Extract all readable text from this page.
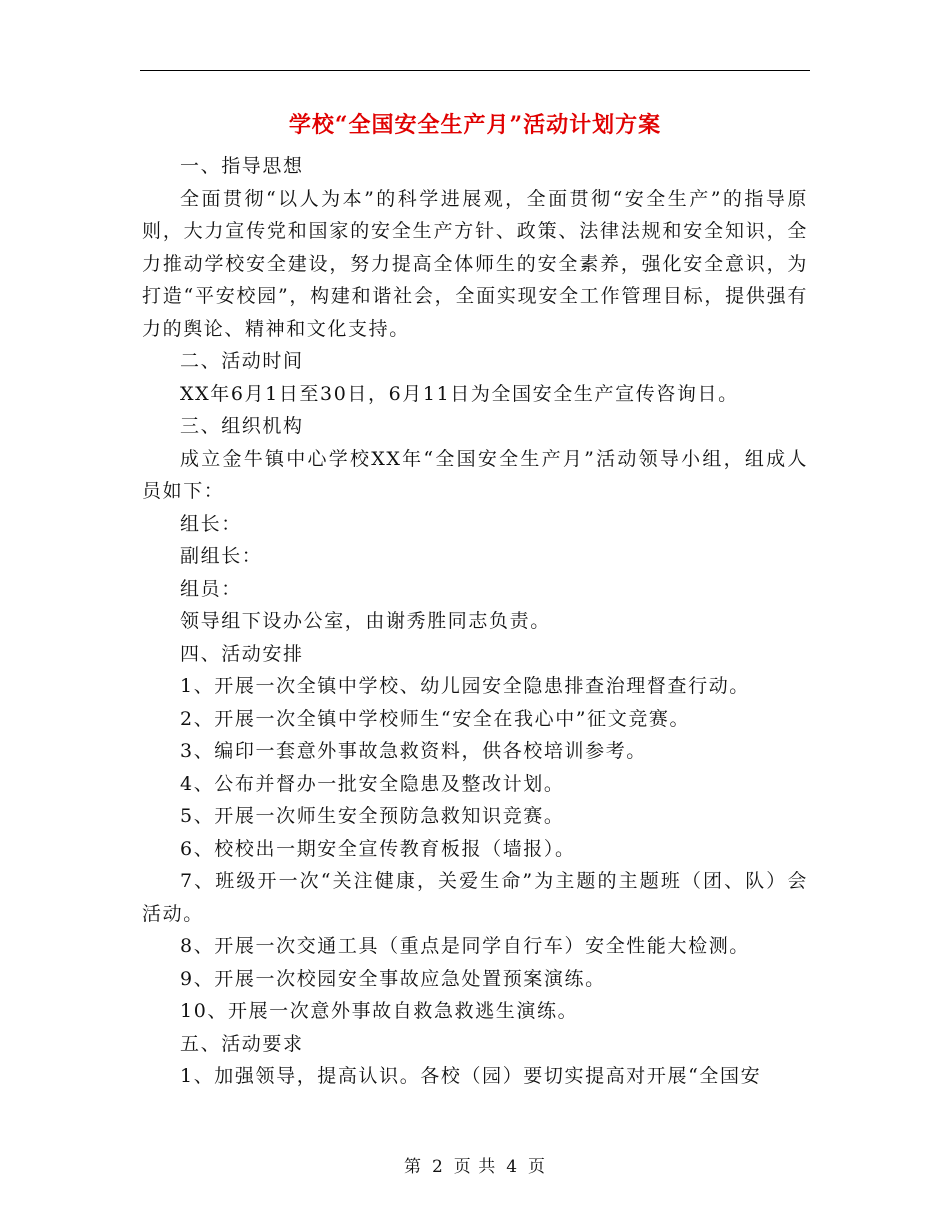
学校“全国安全生产月”活动计划方案

一、指导思想

全面贯彻“以人为本”的科学进展观，全面贯彻“安全生产”的指导原则，大力宣传党和国家的安全生产方针、政策、法律法规和安全知识，全力推动学校安全建设，努力提高全体师生的安全素养，强化安全意识，为打造“平安校园”，构建和谐社会，全面实现安全工作管理目标，提供强有力的舆论、精神和文化支持。

二、活动时间

XX年6月1日至30日，6月11日为全国安全生产宣传咨询日。

三、组织机构

成立金牛镇中心学校XX年“全国安全生产月”活动领导小组，组成人员如下：

组长：

副组长：

组员：

领导组下设办公室，由谢秀胜同志负责。

四、活动安排

1、开展一次全镇中学校、幼儿园安全隐患排查治理督查行动。

2、开展一次全镇中学校师生“安全在我心中”征文竞赛。

3、编印一套意外事故急救资料，供各校培训参考。

4、公布并督办一批安全隐患及整改计划。

5、开展一次师生安全预防急救知识竞赛。

6、校校出一期安全宣传教育板报（墙报）。

7、班级开一次“关注健康，关爱生命”为主题的主题班（团、队）会活动。

8、开展一次交通工具（重点是同学自行车）安全性能大检测。

9、开展一次校园安全事故应急处置预案演练。

10、开展一次意外事故自救急救逃生演练。

五、活动要求

1、加强领导，提高认识。各校（园）要切实提高对开展“全国安

第 2 页 共 4 页
